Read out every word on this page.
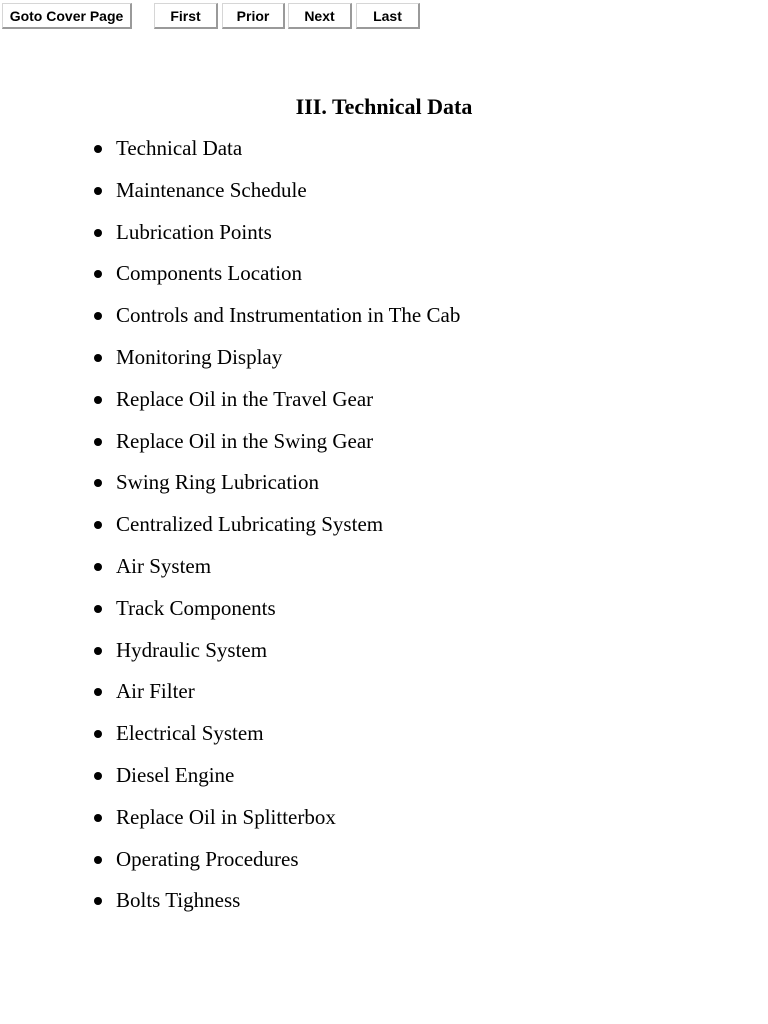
Goto Cover Page	First	Prior	Next	Last
III. Technical Data
Technical Data
Maintenance Schedule
Lubrication Points
Components Location
Controls and Instrumentation in The Cab
Monitoring Display
Replace Oil in the Travel Gear
Replace Oil in the Swing Gear
Swing Ring Lubrication
Centralized Lubricating System
Air System
Track Components
Hydraulic System
Air Filter
Electrical System
Diesel Engine
Replace Oil in Splitterbox
Operating Procedures
Bolts Tighness
